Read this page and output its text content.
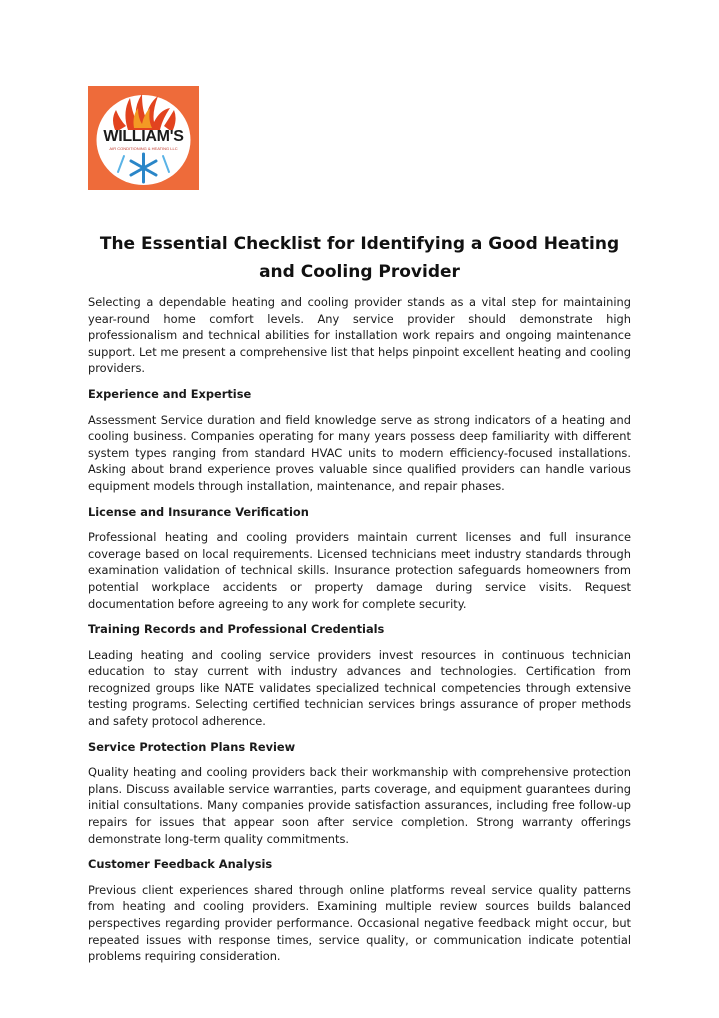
WILLIAM'S
AIR CONDITIONING & HEATING LLC
The Essential Checklist for Identifying a Good Heating and Cooling Provider

Selecting a dependable heating and cooling provider stands as a vital step for maintaining year-round home comfort levels. Any service provider should demonstrate high professionalism and technical abilities for installation work repairs and ongoing maintenance support. Let me present a comprehensive list that helps pinpoint excellent heating and cooling providers.

Experience and Expertise

Assessment Service duration and field knowledge serve as strong indicators of a heating and cooling business. Companies operating for many years possess deep familiarity with different system types ranging from standard HVAC units to modern efficiency-focused installations. Asking about brand experience proves valuable since qualified providers can handle various equipment models through installation, maintenance, and repair phases.

License and Insurance Verification

Professional heating and cooling providers maintain current licenses and full insurance coverage based on local requirements. Licensed technicians meet industry standards through examination validation of technical skills. Insurance protection safeguards homeowners from potential workplace accidents or property damage during service visits. Request documentation before agreeing to any work for complete security.

Training Records and Professional Credentials

Leading heating and cooling service providers invest resources in continuous technician education to stay current with industry advances and technologies. Certification from recognized groups like NATE validates specialized technical competencies through extensive testing programs. Selecting certified technician services brings assurance of proper methods and safety protocol adherence.

Service Protection Plans Review

Quality heating and cooling providers back their workmanship with comprehensive protection plans. Discuss available service warranties, parts coverage, and equipment guarantees during initial consultations. Many companies provide satisfaction assurances, including free follow-up repairs for issues that appear soon after service completion. Strong warranty offerings demonstrate long-term quality commitments.

Customer Feedback Analysis

Previous client experiences shared through online platforms reveal service quality patterns from heating and cooling providers. Examining multiple review sources builds balanced perspectives regarding provider performance. Occasional negative feedback might occur, but repeated issues with response times, service quality, or communication indicate potential problems requiring consideration.
